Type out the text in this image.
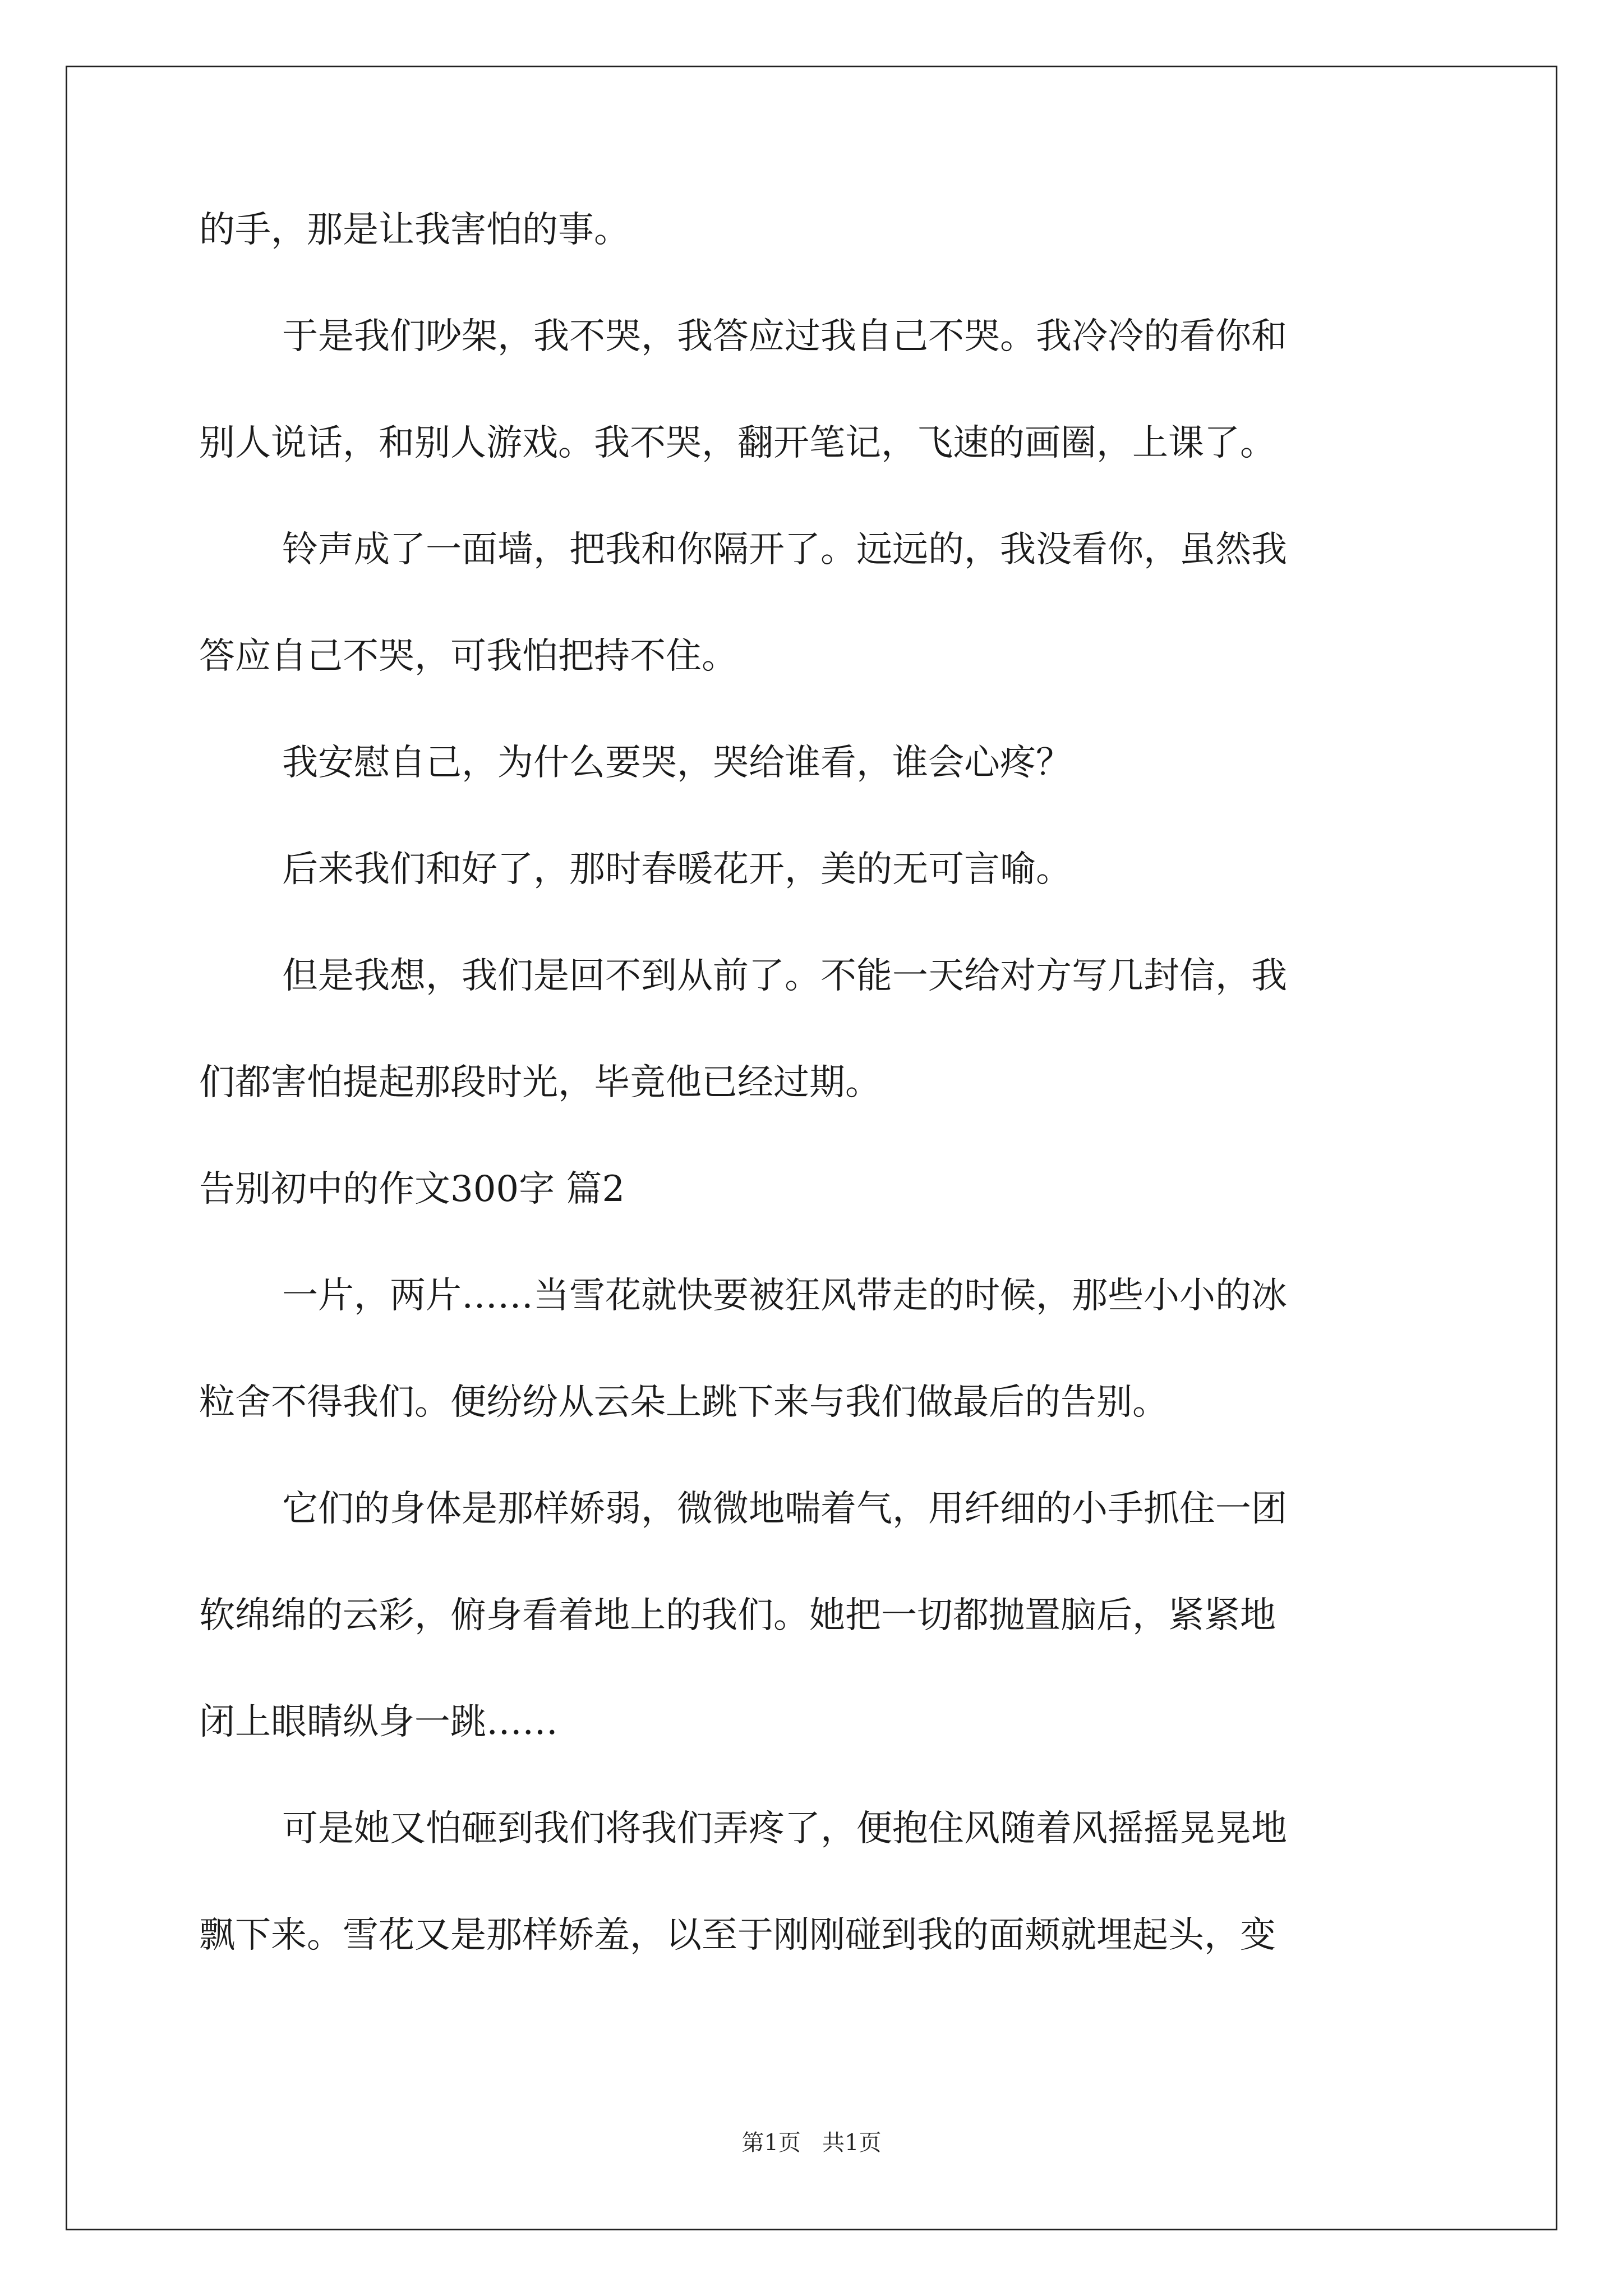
的手，那是让我害怕的事。
于是我们吵架，我不哭，我答应过我自己不哭。我冷冷的看你和
别人说话，和别人游戏。我不哭，翻开笔记，飞速的画圈，上课了。
铃声成了一面墙，把我和你隔开了。远远的，我没看你，虽然我
答应自己不哭，可我怕把持不住。
我安慰自己，为什么要哭，哭给谁看，谁会心疼？
后来我们和好了，那时春暖花开，美的无可言喻。
但是我想，我们是回不到从前了。不能一天给对方写几封信，我
们都害怕提起那段时光，毕竟他已经过期。
告别初中的作文300字 篇2
一片，两片……当雪花就快要被狂风带走的时候，那些小小的冰
粒舍不得我们。便纷纷从云朵上跳下来与我们做最后的告别。
它们的身体是那样娇弱，微微地喘着气，用纤细的小手抓住一团
软绵绵的云彩，俯身看着地上的我们。她把一切都抛置脑后，紧紧地
闭上眼睛纵身一跳……
可是她又怕砸到我们将我们弄疼了，便抱住风随着风摇摇晃晃地
飘下来。雪花又是那样娇羞，以至于刚刚碰到我的面颊就埋起头，变
第1页   共1页
